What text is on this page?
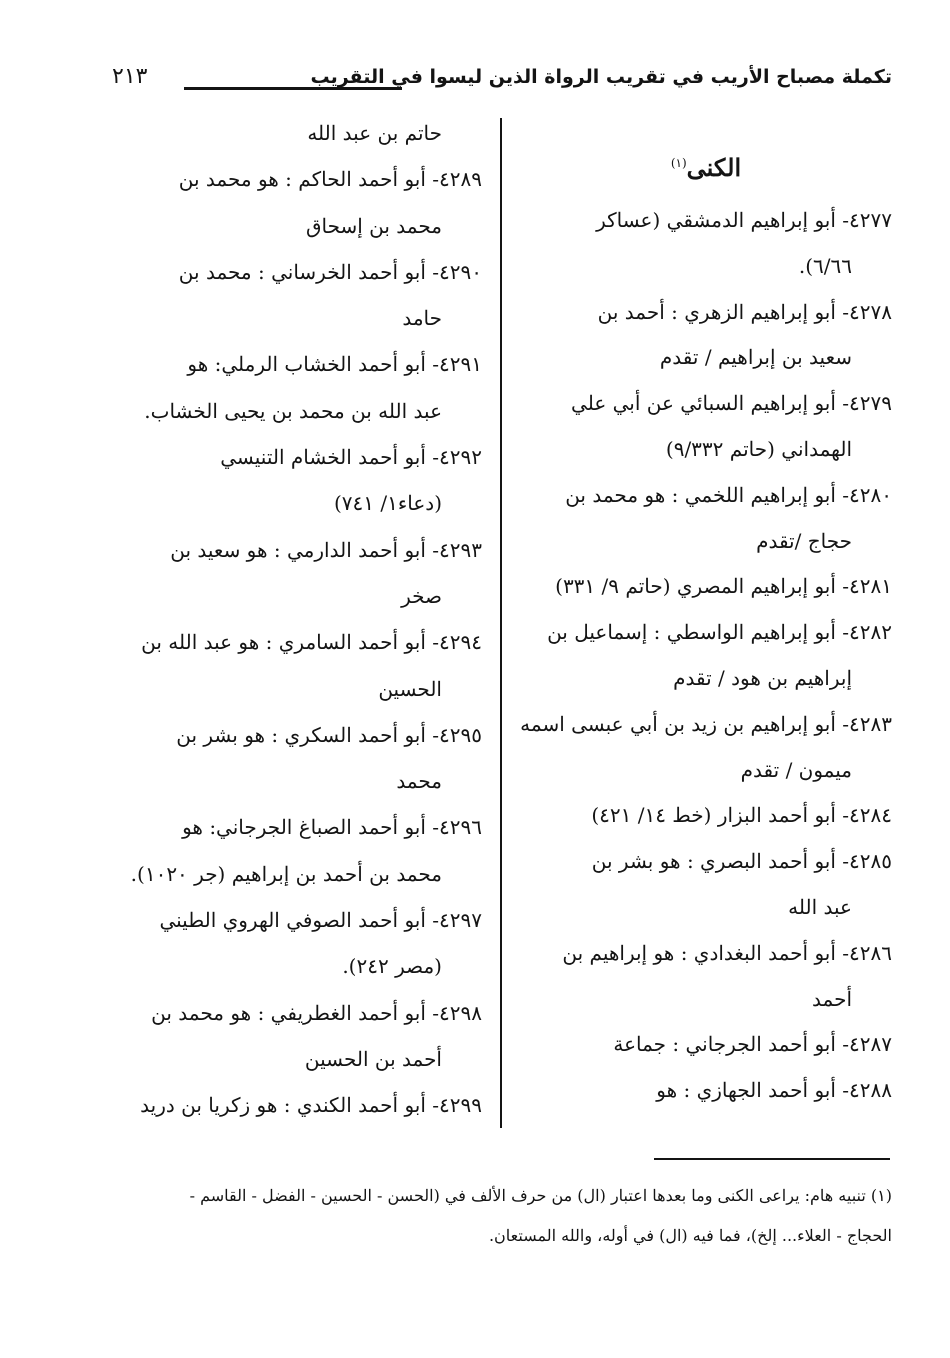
تكملة مصباح الأريب في تقريب الرواة الذين ليسوا في التقريب
٢١٣
الكنى$^{(١)}$
٤٢٧٧- أبو إبراهيم الدمشقي (عساكر
٦/٦٦).
٤٢٧٨- أبو إبراهيم الزهري : أحمد بن
سعيد بن إبراهيم / تقدم
٤٢٧٩- أبو إبراهيم السبائي عن أبي علي
الهمداني (حاتم ٩/٣٣٢)
٤٢٨٠- أبو إبراهيم اللخمي : هو محمد بن
حجاج /تقدم
٤٢٨١- أبو إبراهيم المصري (حاتم ٩/ ٣٣١)
٤٢٨٢- أبو إبراهيم الواسطي : إسماعيل بن
إبراهيم بن هود / تقدم
٤٢٨٣- أبو إبراهيم بن زيد بن أبي عبسى اسمه
ميمون / تقدم
٤٢٨٤- أبو أحمد البزار (خط ١٤/ ٤٢١)
٤٢٨٥- أبو أحمد البصري : هو بشر بن
عبد الله
٤٢٨٦- أبو أحمد البغدادي : هو إبراهيم بن
أحمد
٤٢٨٧- أبو أحمد الجرجاني : جماعة
٤٢٨٨- أبو أحمد الجهازي : هو
حاتم بن عبد الله
٤٢٨٩- أبو أحمد الحاكم : هو محمد بن
محمد بن إسحاق
٤٢٩٠- أبو أحمد الخرساني : محمد بن
حامد
٤٢٩١- أبو أحمد الخشاب الرملي: هو
عبد الله بن محمد بن يحيى الخشاب.
٤٢٩٢- أبو أحمد الخشام التنيسي
(دعاء١/ ٧٤١)
٤٢٩٣- أبو أحمد الدارمي : هو سعيد بن
صخر
٤٢٩٤- أبو أحمد السامري : هو عبد الله بن
الحسين
٤٢٩٥- أبو أحمد السكري : هو بشر بن
محمد
٤٢٩٦- أبو أحمد الصباغ الجرجاني: هو
محمد بن أحمد بن إبراهيم (جر ١٠٢٠).
٤٢٩٧- أبو أحمد الصوفي الهروي الطيني
(مصر ٢٤٢).
٤٢٩٨- أبو أحمد الغطريفي : هو محمد بن
أحمد بن الحسين
٤٢٩٩- أبو أحمد الكندي : هو زكريا بن دريد
(١) تنبيه هام: يراعى الكنى وما بعدها اعتبار (ال) من حرف الألف في (الحسن - الحسين - الفضل - القاسم -
الحجاج - العلاء... إلخ)، فما فيه (ال) في أوله، والله المستعان.
